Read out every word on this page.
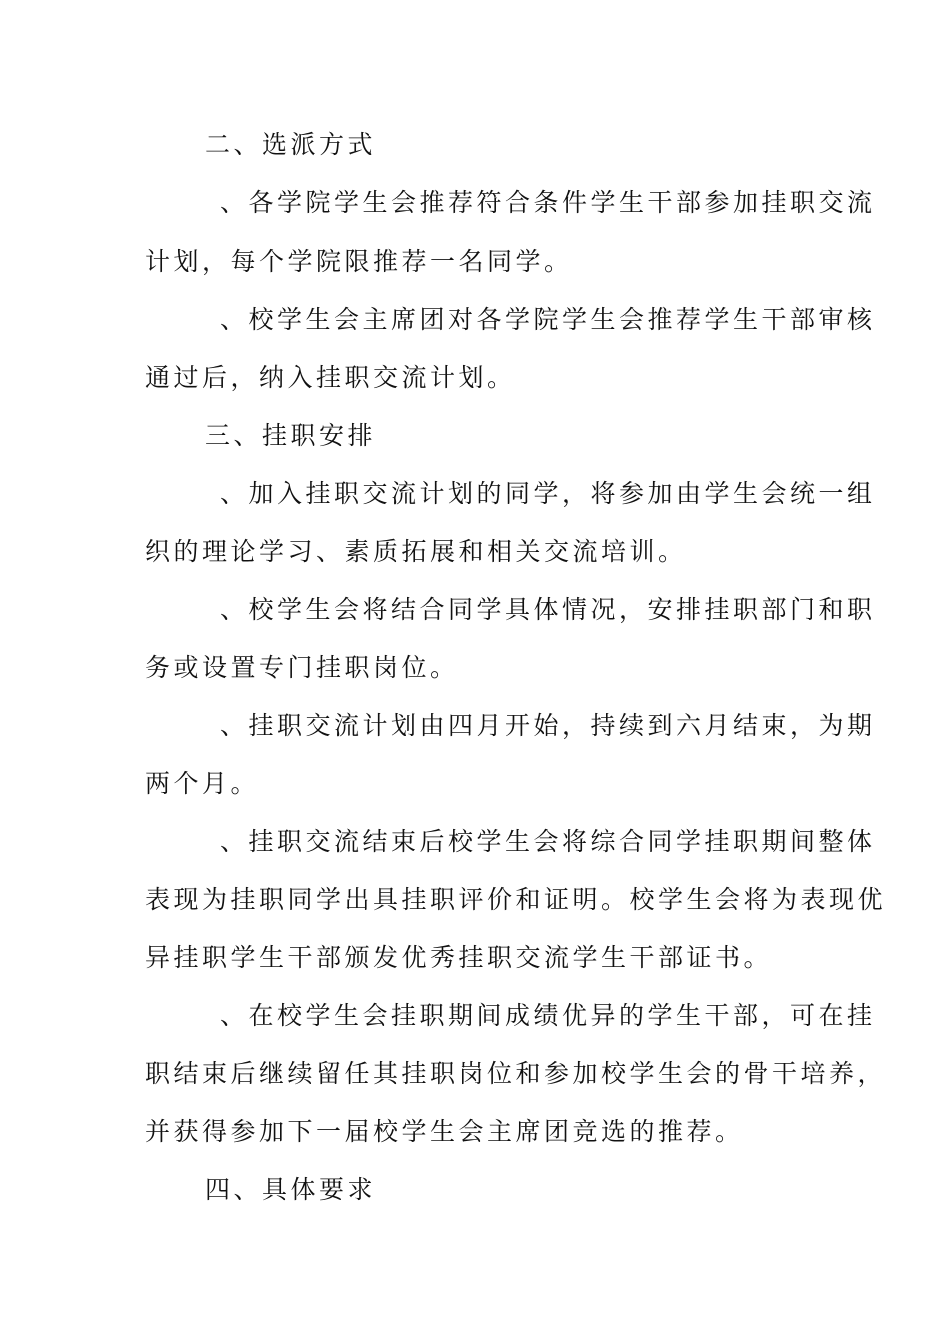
二、选派方式
、各学院学生会推荐符合条件学生干部参加挂职交流
计划，每个学院限推荐一名同学。
、校学生会主席团对各学院学生会推荐学生干部审核
通过后，纳入挂职交流计划。
三、挂职安排
、加入挂职交流计划的同学，将参加由学生会统一组
织的理论学习、素质拓展和相关交流培训。
、校学生会将结合同学具体情况，安排挂职部门和职
务或设置专门挂职岗位。
、挂职交流计划由四月开始，持续到六月结束，为期
两个月。
、挂职交流结束后校学生会将综合同学挂职期间整体
表现为挂职同学出具挂职评价和证明。校学生会将为表现优
异挂职学生干部颁发优秀挂职交流学生干部证书。
、在校学生会挂职期间成绩优异的学生干部，可在挂
职结束后继续留任其挂职岗位和参加校学生会的骨干培养，
并获得参加下一届校学生会主席团竞选的推荐。
四、具体要求
